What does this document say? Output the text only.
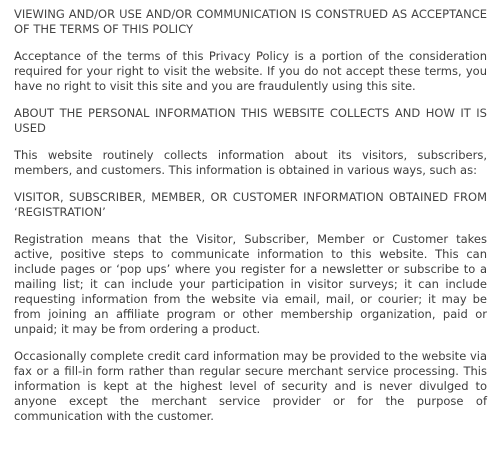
VIEWING AND/OR USE AND/OR COMMUNICATION IS CONSTRUED AS ACCEPTANCE OF THE TERMS OF THIS POLICY

Acceptance of the terms of this Privacy Policy is a portion of the consideration required for your right to visit the website. If you do not accept these terms, you have no right to visit this site and you are fraudulently using this site.

ABOUT THE PERSONAL INFORMATION THIS WEBSITE COLLECTS AND HOW IT IS USED

This website routinely collects information about its visitors, subscribers, members, and customers. This information is obtained in various ways, such as:

VISITOR, SUBSCRIBER, MEMBER, OR CUSTOMER INFORMATION OBTAINED FROM ‘REGISTRATION’

Registration means that the Visitor, Subscriber, Member or Customer takes active, positive steps to communicate information to this website. This can include pages or ‘pop ups’ where you register for a newsletter or subscribe to a mailing list; it can include your participation in visitor surveys; it can include requesting information from the website via email, mail, or courier; it may be from joining an affiliate program or other membership organization, paid or unpaid; it may be from ordering a product.

Occasionally complete credit card information may be provided to the website via fax or a fill-in form rather than regular secure merchant service processing. This information is kept at the highest level of security and is never divulged to anyone except the merchant service provider or for the purpose of communication with the customer.
